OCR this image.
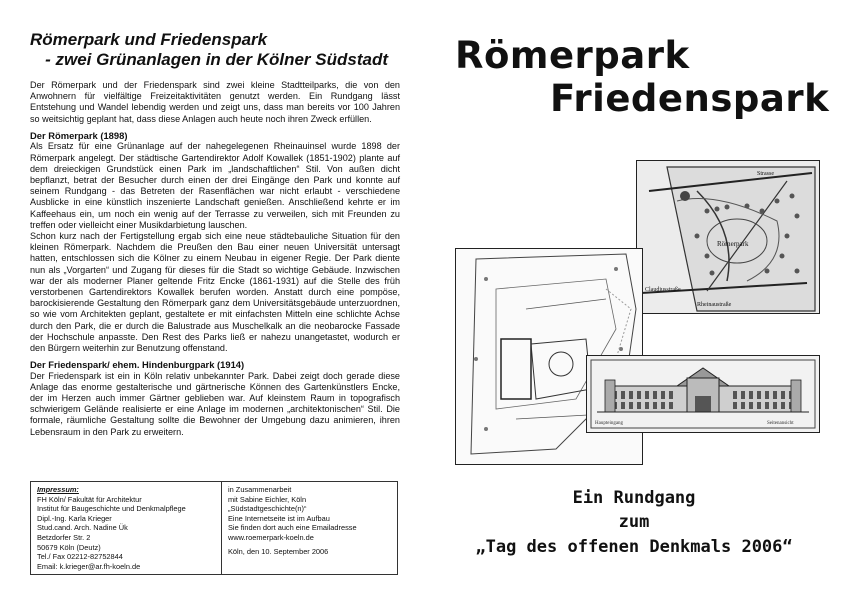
Römerpark und Friedenspark
- zwei Grünanlagen in der Kölner Südstadt
Der Römerpark und der Friedenspark sind zwei kleine Stadtteilparks, die von den Anwohnern für vielfältige Freizeitaktivitäten genutzt werden. Ein Rundgang lässt Entstehung und Wandel lebendig werden und zeigt uns, dass man bereits vor 100 Jahren so weitsichtig geplant hat, dass diese Anlagen auch heute noch ihren Zweck erfüllen.
Der Römerpark (1898)
Als Ersatz für eine Grünanlage auf der nahegelegenen Rheinauinsel wurde 1898 der Römerpark angelegt. Der städtische Gartendirektor Adolf Kowallek (1851-1902) plante auf dem dreieckigen Grundstück einen Park im „landschaftlichen“ Stil. Von außen dicht bepflanzt, betrat der Besucher durch einen der drei Eingänge den Park und konnte auf seinem Rundgang - das Betreten der Rasenflächen war nicht erlaubt - verschiedene Ausblicke in eine künstlich inszenierte Landschaft genießen. Anschließend kehrte er im Kaffeehaus ein, um noch ein wenig auf der Terrasse zu verweilen, sich mit Freunden zu treffen oder vielleicht einer Musikdarbietung lauschen.
Schon kurz nach der Fertigstellung ergab sich eine neue städtebauliche Situation für den kleinen Römerpark. Nachdem die Preußen den Bau einer neuen Universität untersagt hatten, entschlossen sich die Kölner zu einem Neubau in eigener Regie. Der Park diente nun als „Vorgarten“ und Zugang für dieses für die Stadt so wichtige Gebäude. Inzwischen war der als moderner Planer geltende Fritz Encke (1861-1931) auf die Stelle des früh verstorbenen Gartendirektors Kowallek berufen worden. Anstatt durch eine pompöse, barockisierende Gestaltung den Römerpark ganz dem Universitätsgebäude unterzuordnen, so wie vom Architekten geplant, gestaltete er mit einfachsten Mitteln eine schlichte Achse durch den Park, die er durch die Balustrade aus Muschelkalk an die neobarocke Fassade der Hochschule anpasste. Den Rest des Parks ließ er nahezu unangetastet, wodurch er den Bürgern weiterhin zur Benutzung offenstand.
Der Friedenspark/ ehem. Hindenburgpark (1914)
Der Friedenspark ist ein in Köln relativ unbekannter Park. Dabei zeigt doch gerade diese Anlage das enorme gestalterische und gärtnerische Können des Gartenkünstlers Encke, der im Herzen auch immer Gärtner geblieben war. Auf kleinstem Raum in topografisch schwierigem Gelände realisierte er eine Anlage im modernen „architektonischen“ Stil. Die formale, räumliche Gestaltung sollte die Bewohner der Umgebung dazu animieren, ihren Lebensraum in den Park zu erweitern.
Impressum:
FH Köln/ Fakultät für Architektur
Institut für Baugeschichte und Denkmalpflege
Dipl.-Ing. Karla Krieger
Stud.cand. Arch. Nadine Ük
Betzdorfer Str. 2
50679 Köln (Deutz)
Tel./ Fax 02212-82752844
Email: k.krieger@ar.fh-koeln.de
in Zusammenarbeit
mit Sabine Eichler, Köln
„Südstadtgeschichte(n)“
Eine Internetseite ist im Aufbau
Sie finden dort auch eine Emailadresse
www.roemerpark-koeln.de
Köln, den 10. September 2006
Römerpark
Friedenspark
Römerpark
Strasse
Claudiusstraße
Rheinaustraße
Haupteingang	Seitenansicht
Ein Rundgang
zum
„Tag des offenen Denkmals 2006“
